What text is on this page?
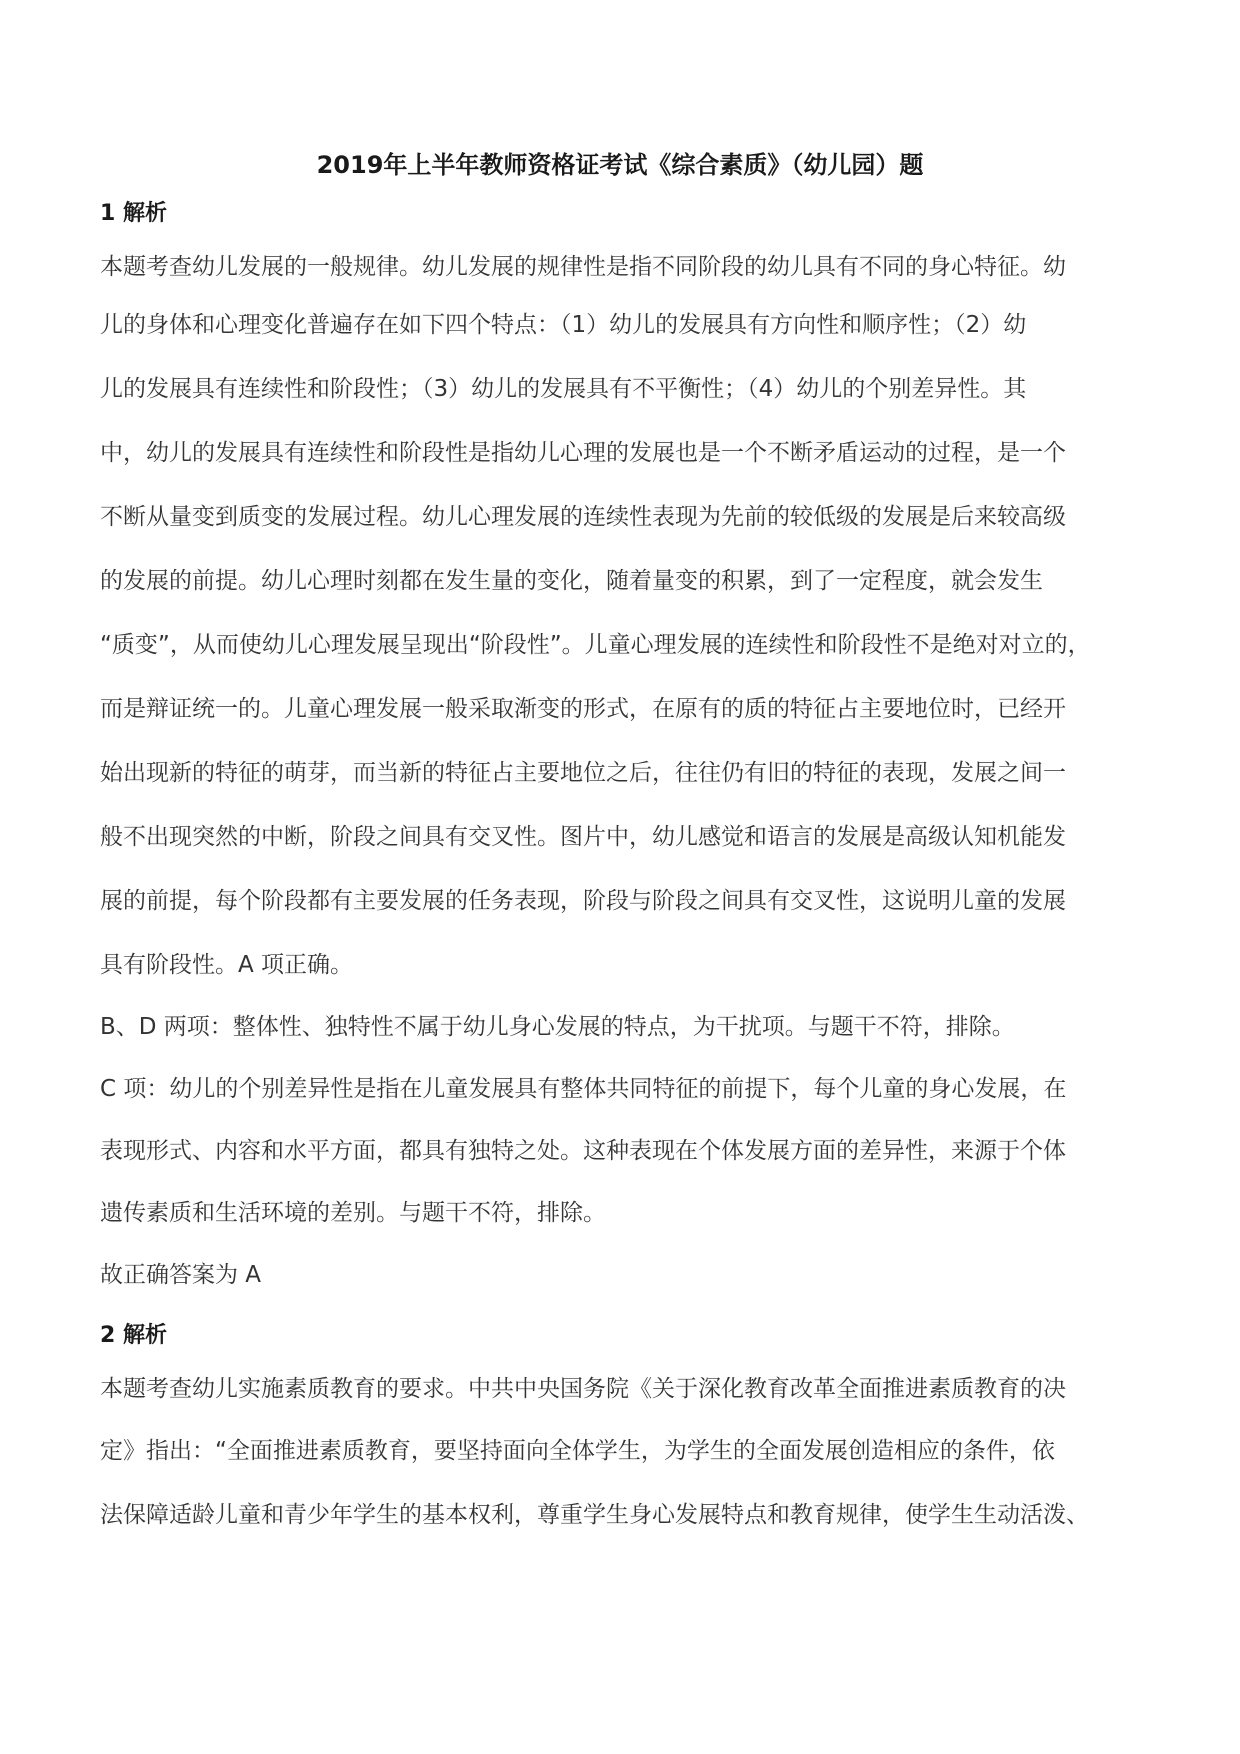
2019年上半年教师资格证考试《综合素质》（幼儿园）题
1 解析
本题考查幼儿发展的一般规律。幼儿发展的规律性是指不同阶段的幼儿具有不同的身心特征。幼
儿的身体和心理变化普遍存在如下四个特点：（1）幼儿的发展具有方向性和顺序性；（2）幼
儿的发展具有连续性和阶段性；（3）幼儿的发展具有不平衡性；（4）幼儿的个别差异性。其
中，幼儿的发展具有连续性和阶段性是指幼儿心理的发展也是一个不断矛盾运动的过程，是一个
不断从量变到质变的发展过程。幼儿心理发展的连续性表现为先前的较低级的发展是后来较高级
的发展的前提。幼儿心理时刻都在发生量的变化，随着量变的积累，到了一定程度，就会发生
“质变”，从而使幼儿心理发展呈现出“阶段性”。儿童心理发展的连续性和阶段性不是绝对对立的，
而是辩证统一的。儿童心理发展一般采取渐变的形式，在原有的质的特征占主要地位时，已经开
始出现新的特征的萌芽，而当新的特征占主要地位之后，往往仍有旧的特征的表现，发展之间一
般不出现突然的中断，阶段之间具有交叉性。图片中，幼儿感觉和语言的发展是高级认知机能发
展的前提，每个阶段都有主要发展的任务表现，阶段与阶段之间具有交叉性，这说明儿童的发展
具有阶段性。A 项正确。
B、D 两项：整体性、独特性不属于幼儿身心发展的特点，为干扰项。与题干不符，排除。
C 项：幼儿的个别差异性是指在儿童发展具有整体共同特征的前提下，每个儿童的身心发展，在
表现形式、内容和水平方面，都具有独特之处。这种表现在个体发展方面的差异性，来源于个体
遗传素质和生活环境的差别。与题干不符，排除。
故正确答案为 A
2 解析
本题考查幼儿实施素质教育的要求。中共中央国务院《关于深化教育改革全面推进素质教育的决
定》指出：“全面推进素质教育，要坚持面向全体学生，为学生的全面发展创造相应的条件，依
法保障适龄儿童和青少年学生的基本权利，尊重学生身心发展特点和教育规律，使学生生动活泼、
